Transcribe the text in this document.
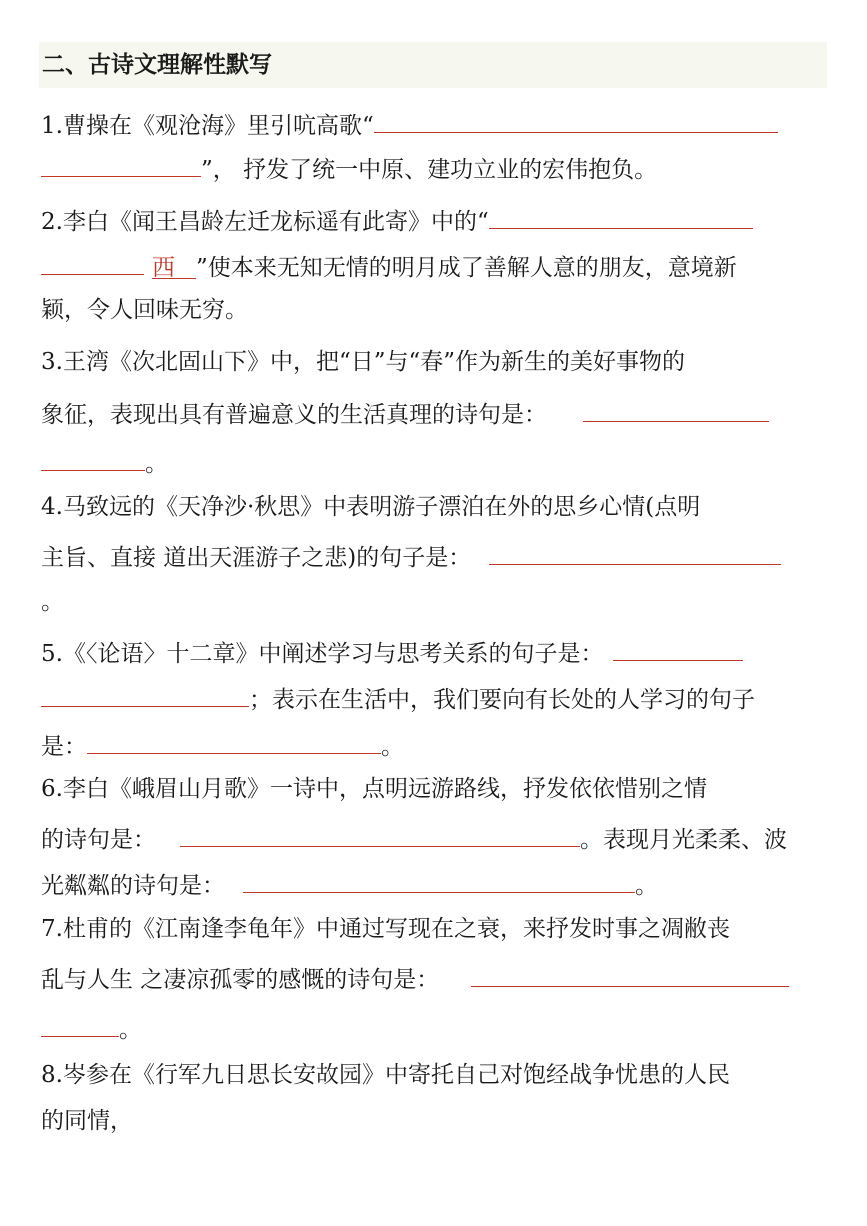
二、古诗文理解性默写
1.曹操在《观沧海》里引吭高歌“
”， 抒发了统一中原、建功立业的宏伟抱负。
2.李白《闻王昌龄左迁龙标遥有此寄》中的“
西 ”使本来无知无情的明月成了善解人意的朋友，意境新
颖，令人回味无穷。
3.王湾《次北固山下》中，把“日”与“春”作为新生的美好事物的
象征，表现出具有普遍意义的生活真理的诗句是：
。
4.马致远的《天净沙·秋思》中表明游子漂泊在外的思乡心情(点明
主旨、直接 道出天涯游子之悲)的句子是：
。
5.《〈论语〉十二章》中阐述学习与思考关系的句子是：
；表示在生活中，我们要向有长处的人学习的句子
是：	。
6.李白《峨眉山月歌》一诗中，点明远游路线，抒发依依惜别之情
的诗句是：	。表现月光柔柔、波
光粼粼的诗句是：	。
7.杜甫的《江南逢李龟年》中通过写现在之衰，来抒发时事之凋敝丧
乱与人生 之凄凉孤零的感慨的诗句是：
。
8.岑参在《行军九日思长安故园》中寄托自己对饱经战争忧患的人民
的同情，
